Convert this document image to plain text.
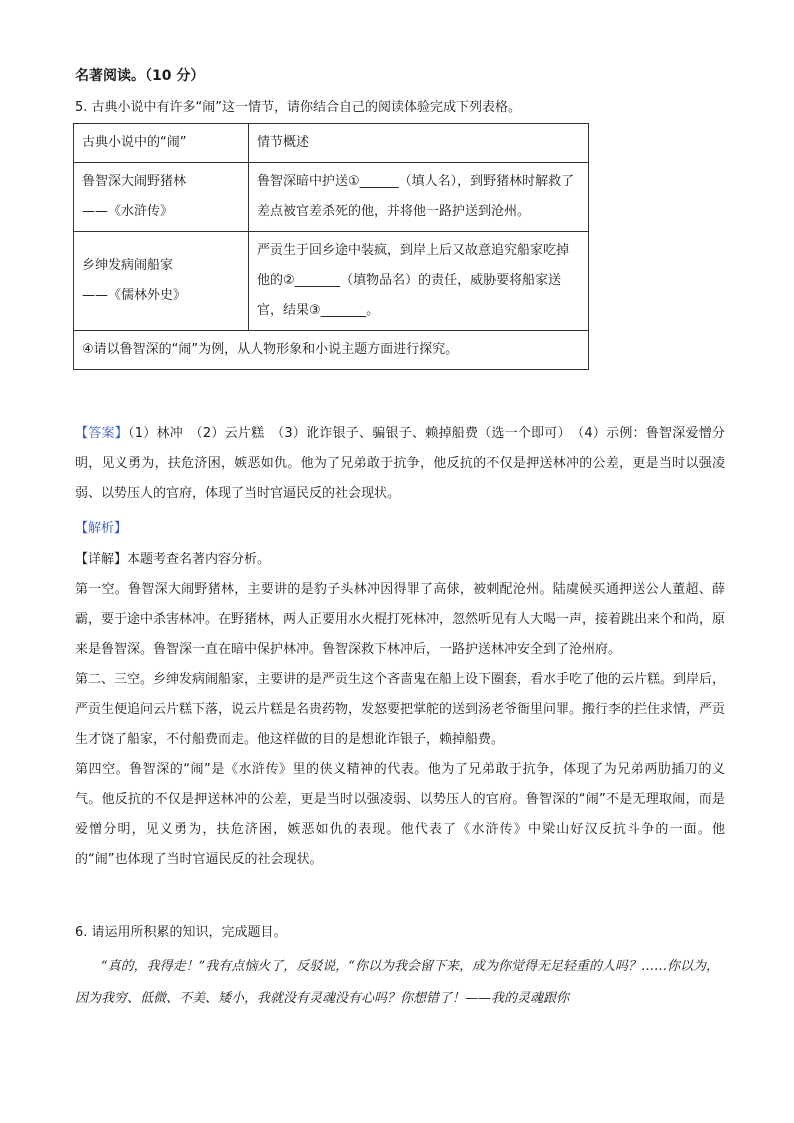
名著阅读。（10 分）
5. 古典小说中有许多“闹”这一情节，请你结合自己的阅读体验完成下列表格。
古典小说中的“闹”	情节概述

鲁智深大闹野猪林
——《水浒传》	鲁智深暗中护送①______（填人名），到野猪林时解救了差点被官差杀死的他，并将他一路护送到沧州。

乡绅发病闹船家
——《儒林外史》	严贡生于回乡途中装疯，到岸上后又故意追究船家吃掉他的②_______（填物品名）的责任，威胁要将船家送官，结果③_______。
④请以鲁智深的“闹”为例，从人物形象和小说主题方面进行探究。	

【答案】（1）林冲　（2）云片糕　（3）讹诈银子、骗银子、赖掉船费（选一个即可）　（4）示例：鲁智深爱憎分明，见义勇为，扶危济困，嫉恶如仇。他为了兄弟敢于抗争，他反抗的不仅是押送林冲的公差，更是当时以强凌弱、以势压人的官府，体现了当时官逼民反的社会现状。

【解析】

【详解】本题考查名著内容分析。

第一空。鲁智深大闹野猪林，主要讲的是豹子头林冲因得罪了高俅，被刺配沧州。陆虞候买通押送公人董超、薛霸，要于途中杀害林冲。在野猪林，两人正要用水火棍打死林冲，忽然听见有人大喝一声，接着跳出来个和尚，原来是鲁智深。鲁智深一直在暗中保护林冲。鲁智深救下林冲后，一路护送林冲安全到了沧州府。

第二、三空。乡绅发病闹船家，主要讲的是严贡生这个吝啬鬼在船上设下圈套，看水手吃了他的云片糕。到岸后，严贡生便追问云片糕下落，说云片糕是名贵药物，发怒要把掌舵的送到汤老爷衙里问罪。搬行李的拦住求情，严贡生才饶了船家，不付船费而走。他这样做的目的是想讹诈银子，赖掉船费。

第四空。鲁智深的“闹”是《水浒传》里的侠义精神的代表。他为了兄弟敢于抗争，体现了为兄弟两肋插刀的义气。他反抗的不仅是押送林冲的公差，更是当时以强凌弱、以势压人的官府。鲁智深的“闹”不是无理取闹，而是爱憎分明，见义勇为，扶危济困，嫉恶如仇的表现。他代表了《水浒传》中梁山好汉反抗斗争的一面。他的“闹”也体现了当时官逼民反的社会现状。

6. 请运用所积累的知识，完成题目。

“真的，我得走！”我有点恼火了，反驳说，“你以为我会留下来，成为你觉得无足轻重的人吗？……你以为，因为我穷、低微、不美、矮小，我就没有灵魂没有心吗？你想错了！——我的灵魂跟你
